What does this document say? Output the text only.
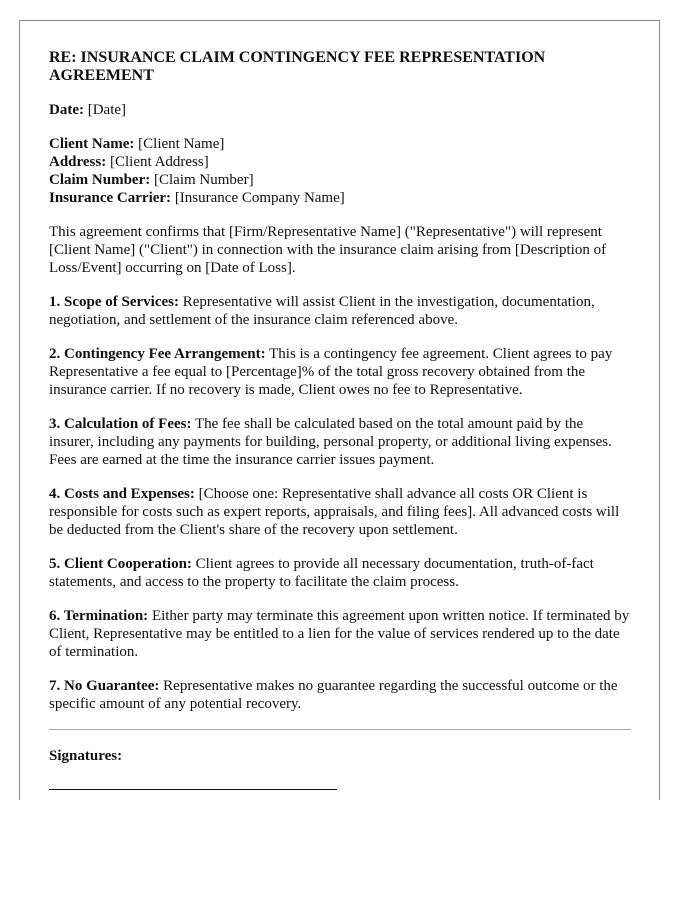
RE: INSURANCE CLAIM CONTINGENCY FEE REPRESENTATION AGREEMENT
Date: [Date]
Client Name: [Client Name]
Address: [Client Address]
Claim Number: [Claim Number]
Insurance Carrier: [Insurance Company Name]

This agreement confirms that [Firm/Representative Name] ("Representative") will represent [Client Name] ("Client") in connection with the insurance claim arising from [Description of Loss/Event] occurring on [Date of Loss].

1. Scope of Services: Representative will assist Client in the investigation, documentation, negotiation, and settlement of the insurance claim referenced above.

2. Contingency Fee Arrangement: This is a contingency fee agreement. Client agrees to pay Representative a fee equal to [Percentage]% of the total gross recovery obtained from the insurance carrier. If no recovery is made, Client owes no fee to Representative.

3. Calculation of Fees: The fee shall be calculated based on the total amount paid by the insurer, including any payments for building, personal property, or additional living expenses. Fees are earned at the time the insurance carrier issues payment.

4. Costs and Expenses: [Choose one: Representative shall advance all costs OR Client is responsible for costs such as expert reports, appraisals, and filing fees]. All advanced costs will be deducted from the Client's share of the recovery upon settlement.

5. Client Cooperation: Client agrees to provide all necessary documentation, truth-of-fact statements, and access to the property to facilitate the claim process.

6. Termination: Either party may terminate this agreement upon written notice. If terminated by Client, Representative may be entitled to a lien for the value of services rendered up to the date of termination.

7. No Guarantee: Representative makes no guarantee regarding the successful outcome or the specific amount of any potential recovery.

Signatures:
